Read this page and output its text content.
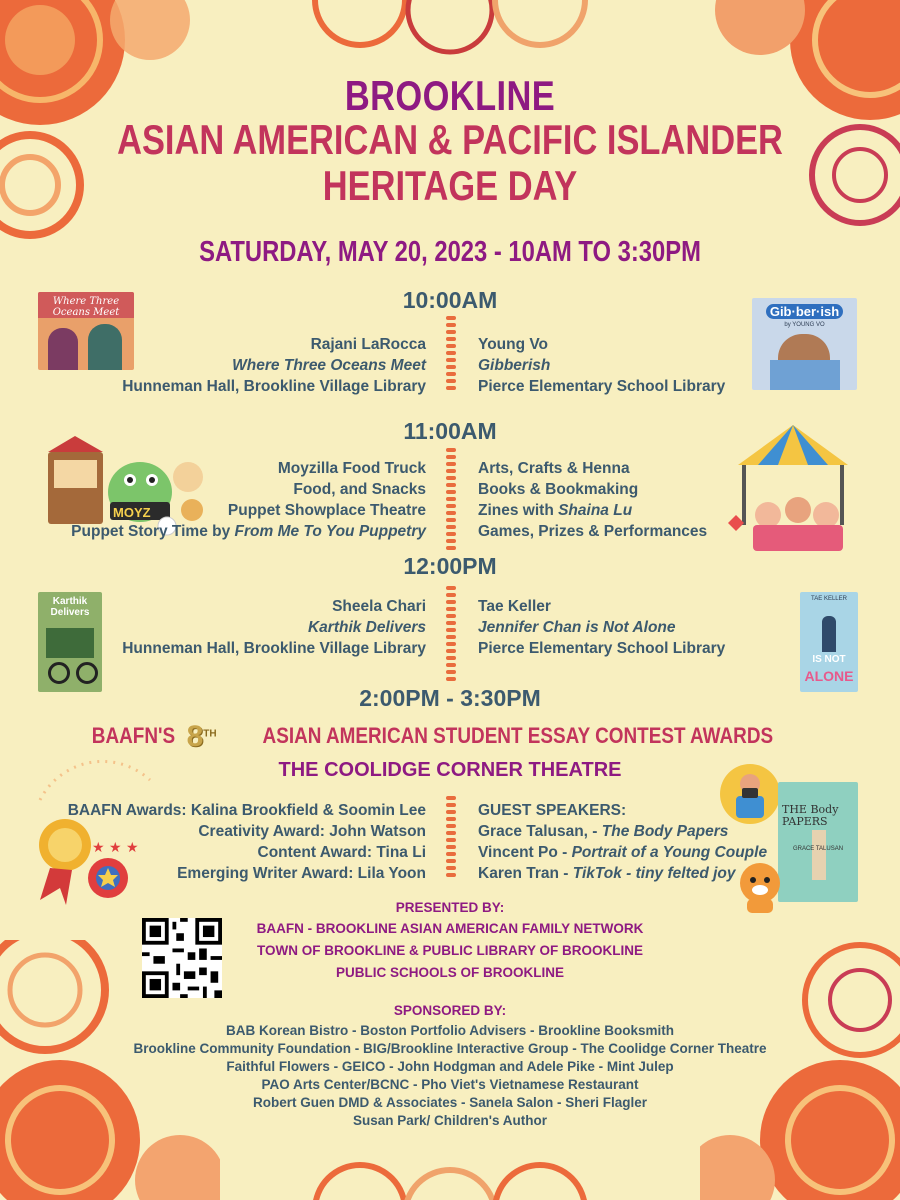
BROOKLINE
ASIAN AMERICAN & PACIFIC ISLANDER
HERITAGE DAY
SATURDAY, MAY 20, 2023 - 10AM TO 3:30PM
10:00AM
Where Three Oceans Meet
Rajani LaRocca
Where Three Oceans Meet
Hunneman Hall, Brookline Village Library
Young Vo
Gibberish
Pierce Elementary School Library
Gib·ber·ish
by YOUNG VO
11:00AM
MOYZ
Moyzilla Food Truck
Food, and Snacks
Puppet Showplace Theatre
Puppet Story Time by From Me To You Puppetry
Arts, Crafts & Henna
Books & Bookmaking
Zines with Shaina Lu
Games, Prizes & Performances
12:00PM
Karthik Delivers	Sheela Chari
Karthik Delivers
Hunneman Hall, Brookline Village Library
Tae Keller
Jennifer Chan is Not Alone
Pierce Elementary School Library
TAE KELLER
IS NOT
ALONE
2:00PM - 3:30PM
BAAFN'S 8TH ASIAN AMERICAN STUDENT ESSAY CONTEST AWARDS
THE COOLIDGE CORNER THEATRE
★ ★ ★
BAAFN Awards: Kalina Brookfield & Soomin Lee
Creativity Award: John Watson
Content Award: Tina Li
Emerging Writer Award: Lila Yoon
GUEST SPEAKERS:
Grace Talusan, - The Body Papers
Vincent Po - Portrait of a Young Couple
Karen Tran - TikTok - tiny felted joy
THE Body PAPERS
GRACE TALUSAN
PRESENTED BY:
BAAFN - BROOKLINE ASIAN AMERICAN FAMILY NETWORK
TOWN OF BROOKLINE & PUBLIC LIBRARY OF BROOKLINE
PUBLIC SCHOOLS OF BROOKLINE
SPONSORED BY:
BAB Korean Bistro - Boston Portfolio Advisers - Brookline Booksmith
Brookline Community Foundation - BIG/Brookline Interactive Group - The Coolidge Corner Theatre
Faithful Flowers - GEICO - John Hodgman and Adele Pike - Mint Julep
PAO Arts Center/BCNC - Pho Viet's Vietnamese Restaurant
Robert Guen DMD & Associates - Sanela Salon - Sheri Flagler
Susan Park/ Children's Author
